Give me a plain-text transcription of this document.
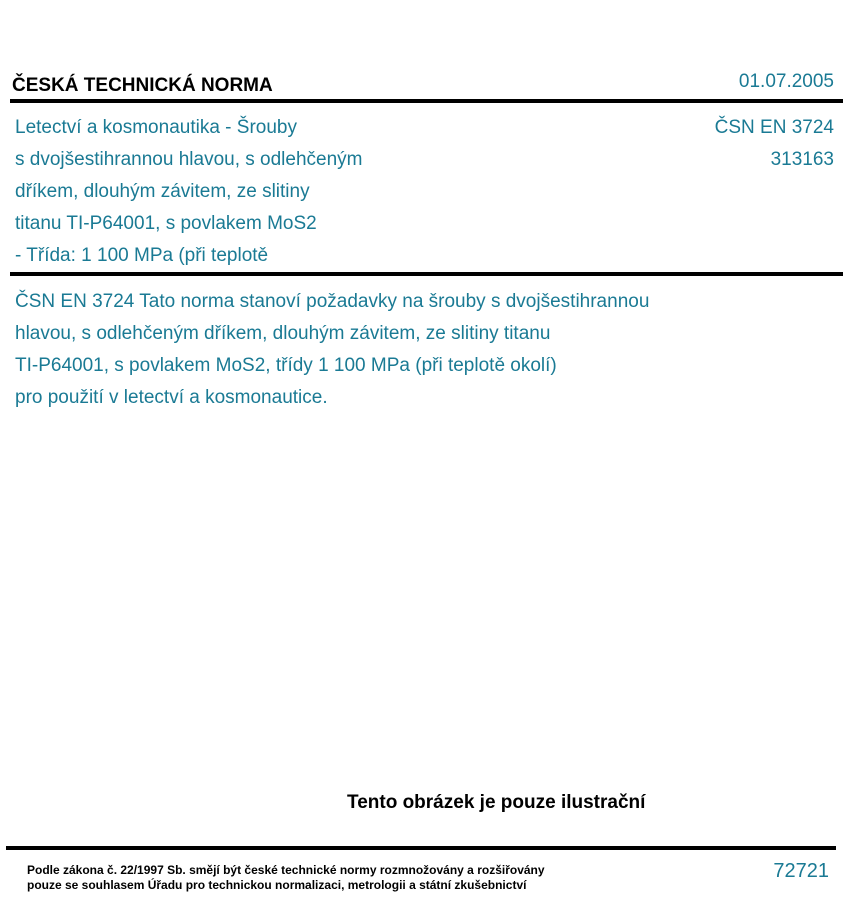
ČESKÁ TECHNICKÁ NORMA	01.07.2005
Letectví a kosmonautika - Šrouby
s dvojšestihrannou hlavou, s odlehčeným
dříkem, dlouhým závitem, ze slitiny
titanu TI-P64001, s povlakem MoS2
- Třída: 1 100 MPa (při teplotě
ČSN EN 3724
313163
ČSN EN 3724 Tato norma stanoví požadavky na šrouby s dvojšestihrannou
hlavou, s odlehčeným dříkem, dlouhým závitem, ze slitiny titanu
TI-P64001, s povlakem MoS2, třídy 1 100 MPa (při teplotě okolí)
pro použití v letectví a kosmonautice.
Tento obrázek je pouze ilustrační
Podle zákona č. 22/1997 Sb. smějí být české technické normy rozmnožovány a rozšiřovány
pouze se souhlasem Úřadu pro technickou normalizaci, metrologii a státní zkušebnictví
72721
